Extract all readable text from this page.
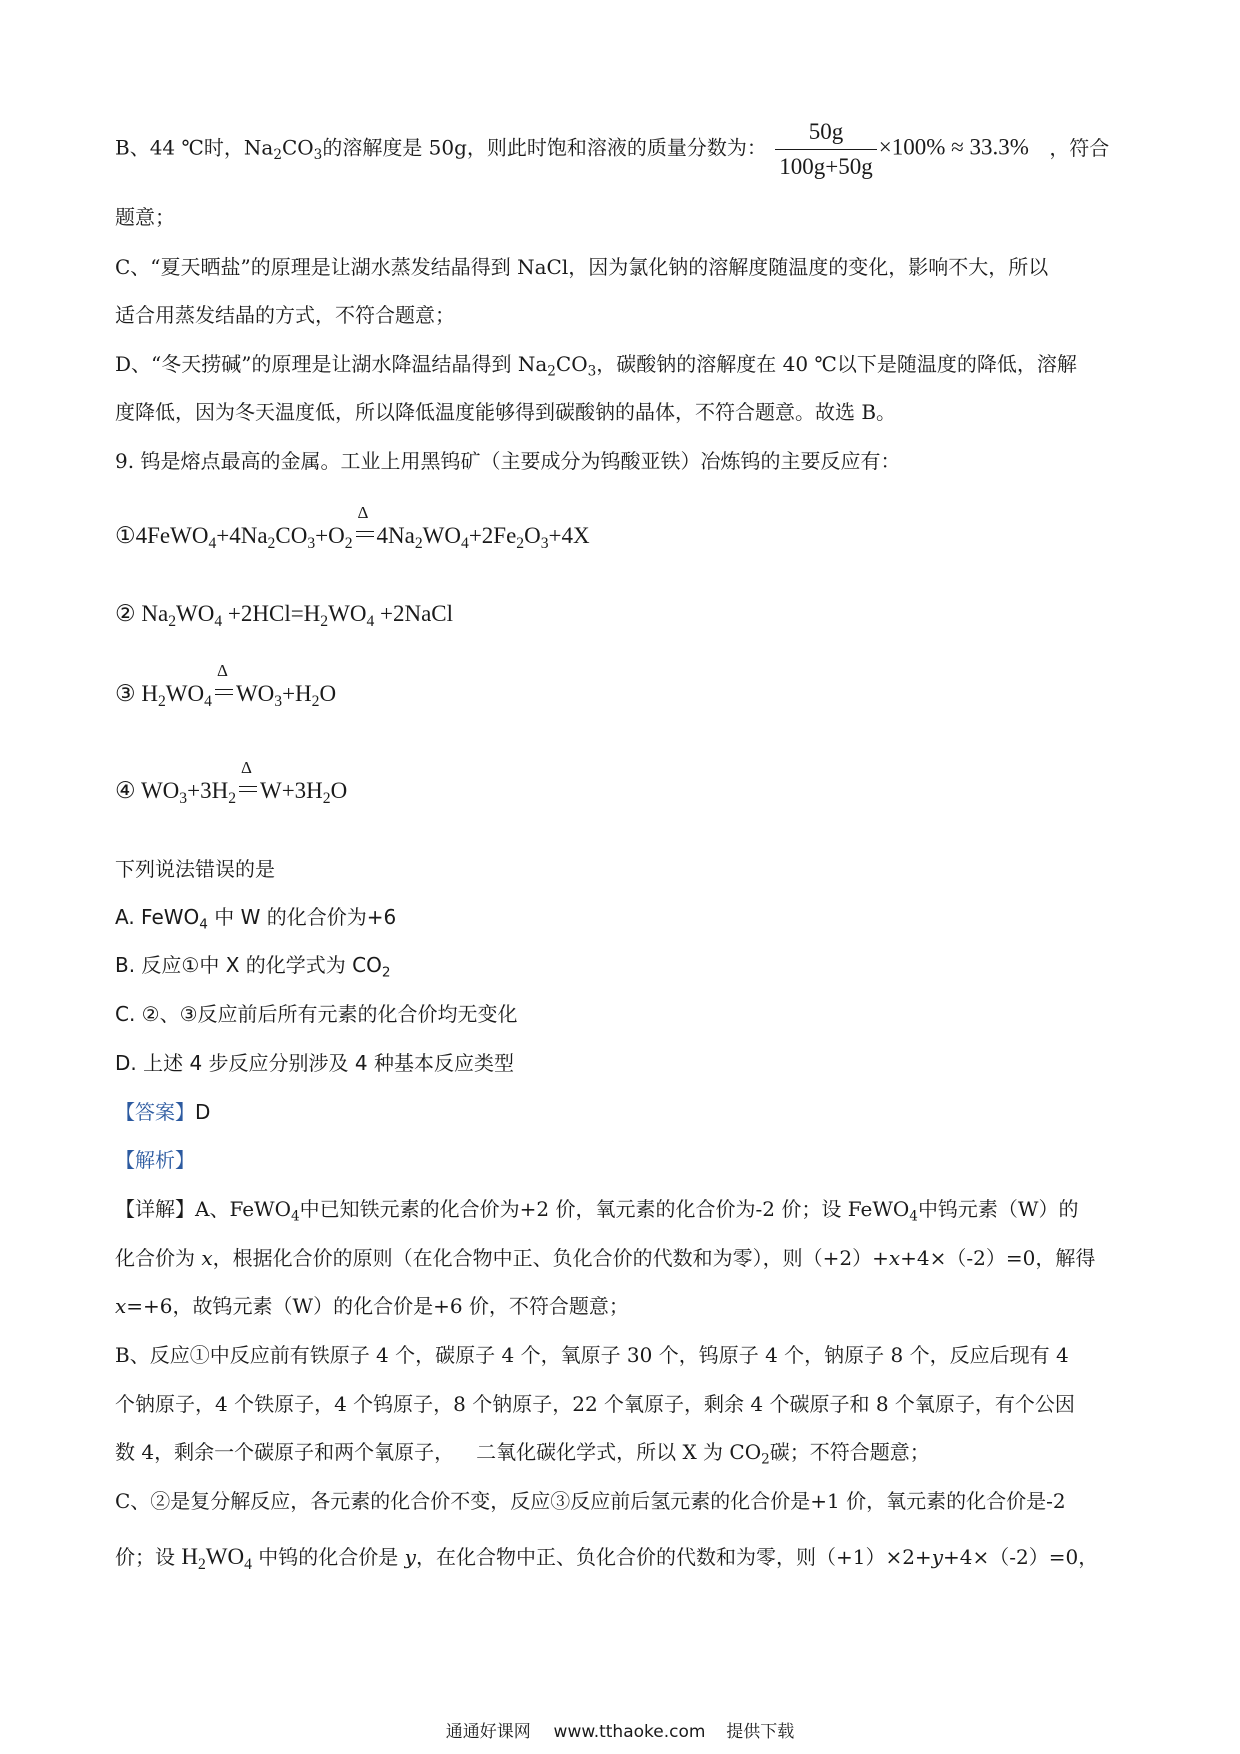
B、44 ℃时，$Na_2CO_3$的溶解度是 50g，则此时饱和溶液的质量分数为： $\frac{50g}{100g+50g} \times 100\% \approx 33.3\%$ ，符合
题意；
C、“夏天晒盐”的原理是让湖水蒸发结晶得到 NaCl，因为氯化钠的溶解度随温度的变化，影响不大，所以
适合用蒸发结晶的方式，不符合题意；
D、“冬天捞碱”的原理是让湖水降温结晶得到 $Na_2CO_3$，碳酸钠的溶解度在 40 ℃以下是随温度的降低，溶解
度降低，因为冬天温度低，所以降低温度能够得到碳酸钠的晶体，不符合题意。故选 B。
9. 钨是熔点最高的金属。工业上用黑钨矿（主要成分为钨酸亚铁）冶炼钨的主要反应有：
$①4FeWO_4+4Na_2CO_3+O_2$
Δ
$4Na_2WO_4+2Fe_2O_3+4X$
② $Na_2WO_4 +2HCl=H_2WO_4$ +2NaCl
③ $H_2WO_4$
Δ
$WO_3+H_2O$
④ $WO_3+3H_2$
Δ
$W+3H_2O$
下列说法错误的是
A. FeWO$_4$ 中 W 的化合价为+6
B. 反应①中 X 的化学式为 $CO_2$
C. ②、③反应前后所有元素的化合价均无变化
D. 上述 4 步反应分别涉及 4 种基本反应类型
【答案】D
【解析】
【详解】A、FeWO$_4$中已知铁元素的化合价为+2 价，氧元素的化合价为-2 价；设 FeWO$_4$中钨元素（W）的
化合价为 x，根据化合价的原则（在化合物中正、负化合价的代数和为零），则（+2）+x+4×（-2）=0，解得
x=+6，故钨元素（W）的化合价是+6 价，不符合题意；
B、反应①中反应前有铁原子 4 个，碳原子 4 个，氧原子 30 个，钨原子 4 个，钠原子 8 个，反应后现有 4
个钠原子，4 个铁原子，4 个钨原子，8 个钠原子，22 个氧原子，剩余 4 个碳原子和 8 个氧原子，有个公因
数 4，剩余一个碳原子和两个氧原子， 二氧化碳化学式，所以 X 为 $CO_2$碳；不符合题意；
C、②是复分解反应，各元素的化合价不变，反应③反应前后氢元素的化合价是+1 价，氧元素的化合价是-2
价；设 $H_2WO_4$ 中钨的化合价是 y，在化合物中正、负化合价的代数和为零，则（+1）×2+y+4×（-2）=0，
通通好课网 www.tthaoke.com 提供下载
